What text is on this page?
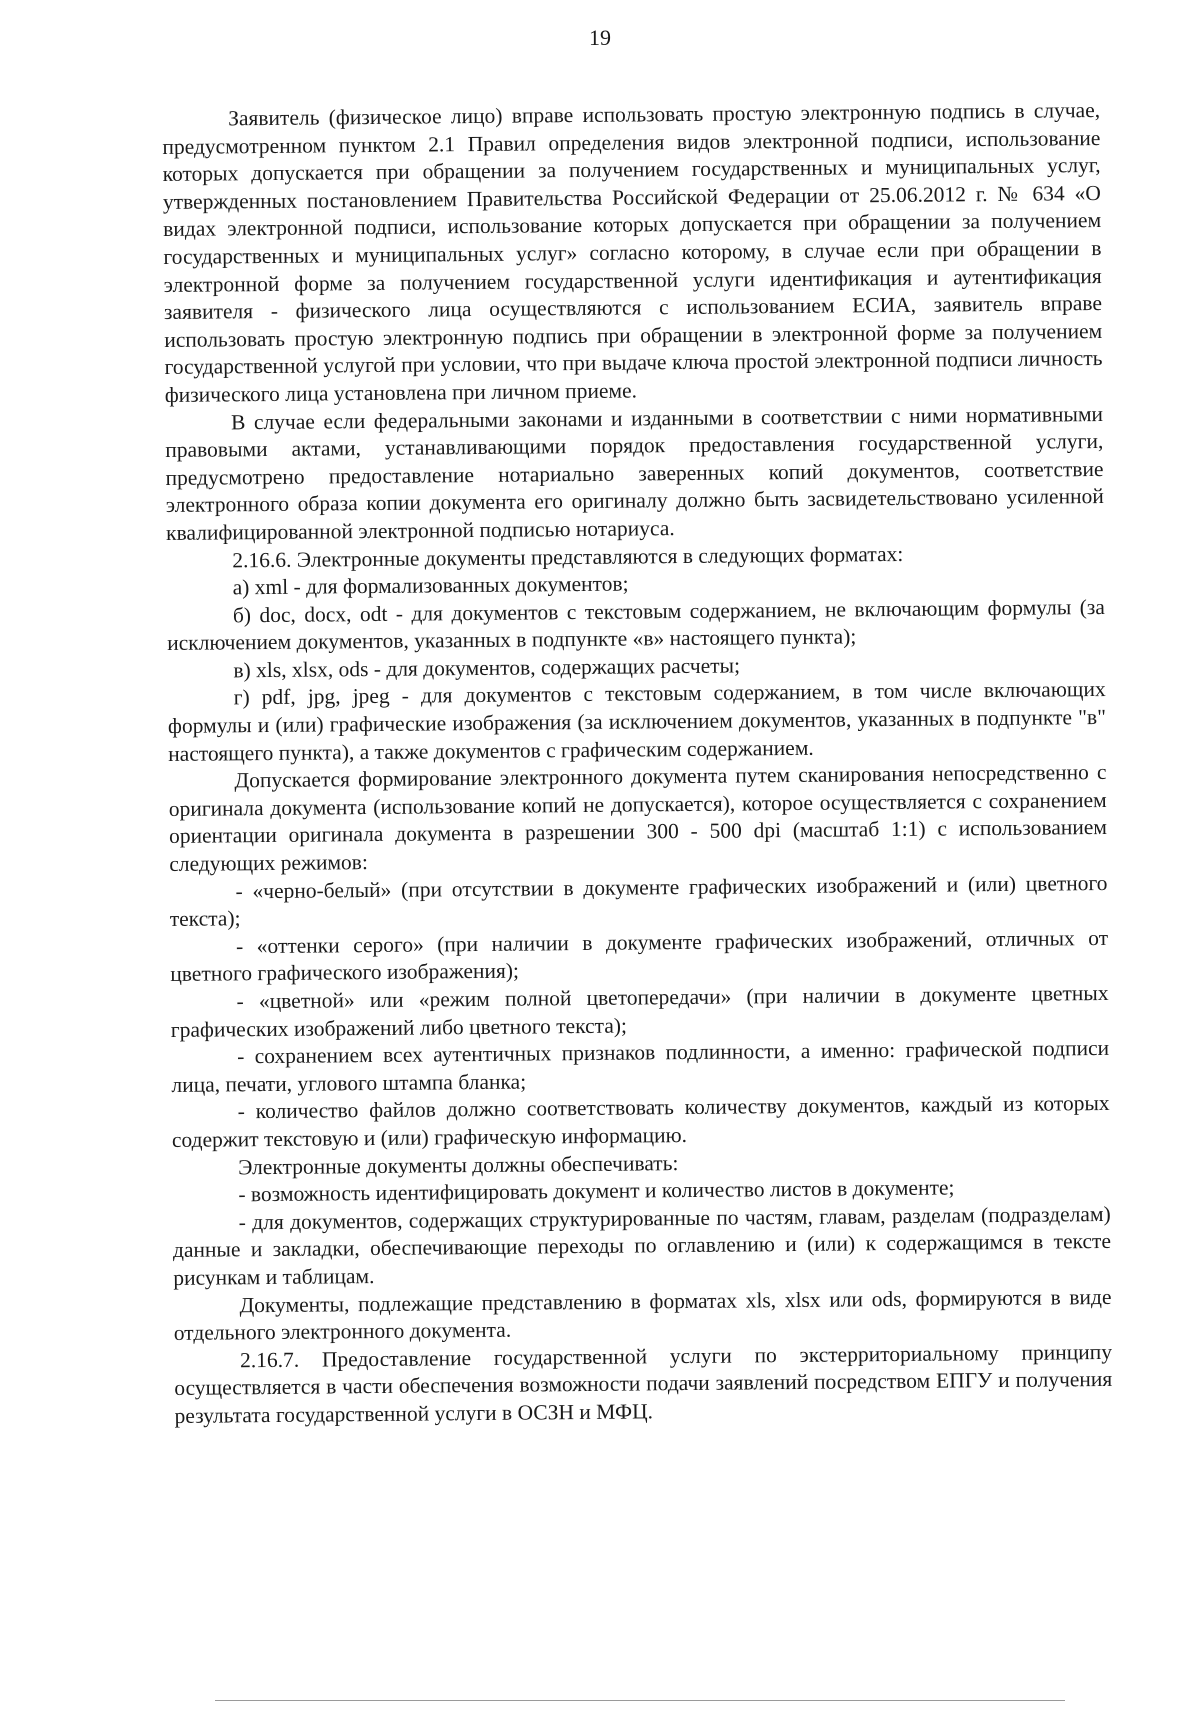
19

Заявитель (физическое лицо) вправе использовать простую электронную подпись в случае, предусмотренном пунктом 2.1 Правил определения видов электронной подписи, использование которых допускается при обращении за получением государственных и муниципальных услуг, утвержденных постановлением Правительства Российской Федерации от 25.06.2012 г. № 634 «О видах электронной подписи, использование которых допускается при обращении за получением государственных и муниципальных услуг» согласно которому, в случае если при обращении в электронной форме за получением государственной услуги идентификация и аутентификация заявителя - физического лица осуществляются с использованием ЕСИА, заявитель вправе использовать простую электронную подпись при обращении в электронной форме за получением государственной услугой при условии, что при выдаче ключа простой электронной подписи личность физического лица установлена при личном приеме.

В случае если федеральными законами и изданными в соответствии с ними нормативными правовыми актами, устанавливающими порядок предоставления государственной услуги, предусмотрено предоставление нотариально заверенных копий документов, соответствие электронного образа копии документа его оригиналу должно быть засвидетельствовано усиленной квалифицированной электронной подписью нотариуса.

2.16.6. Электронные документы представляются в следующих форматах:

а) xml - для формализованных документов;

б) doc, docx, odt - для документов с текстовым содержанием, не включающим формулы (за исключением документов, указанных в подпункте «в» настоящего пункта);

в) xls, xlsx, ods - для документов, содержащих расчеты;

г) pdf, jpg, jpeg - для документов с текстовым содержанием, в том числе включающих формулы и (или) графические изображения (за исключением документов, указанных в подпункте "в" настоящего пункта), а также документов с графическим содержанием.

Допускается формирование электронного документа путем сканирования непосредственно с оригинала документа (использование копий не допускается), которое осуществляется с сохранением ориентации оригинала документа в разрешении 300 - 500 dpi (масштаб 1:1) с использованием следующих режимов:

- «черно-белый» (при отсутствии в документе графических изображений и (или) цветного текста);

- «оттенки серого» (при наличии в документе графических изображений, отличных от цветного графического изображения);

- «цветной» или «режим полной цветопередачи» (при наличии в документе цветных графических изображений либо цветного текста);

- сохранением всех аутентичных признаков подлинности, а именно: графической подписи лица, печати, углового штампа бланка;

- количество файлов должно соответствовать количеству документов, каждый из которых содержит текстовую и (или) графическую информацию.

Электронные документы должны обеспечивать:

- возможность идентифицировать документ и количество листов в документе;

- для документов, содержащих структурированные по частям, главам, разделам (подразделам) данные и закладки, обеспечивающие переходы по оглавлению и (или) к содержащимся в тексте рисункам и таблицам.

Документы, подлежащие представлению в форматах xls, xlsx или ods, формируются в виде отдельного электронного документа.

2.16.7. Предоставление государственной услуги по экстерриториальному принципу осуществляется в части обеспечения возможности подачи заявлений посредством ЕПГУ и получения результата государственной услуги в ОСЗН и МФЦ.
